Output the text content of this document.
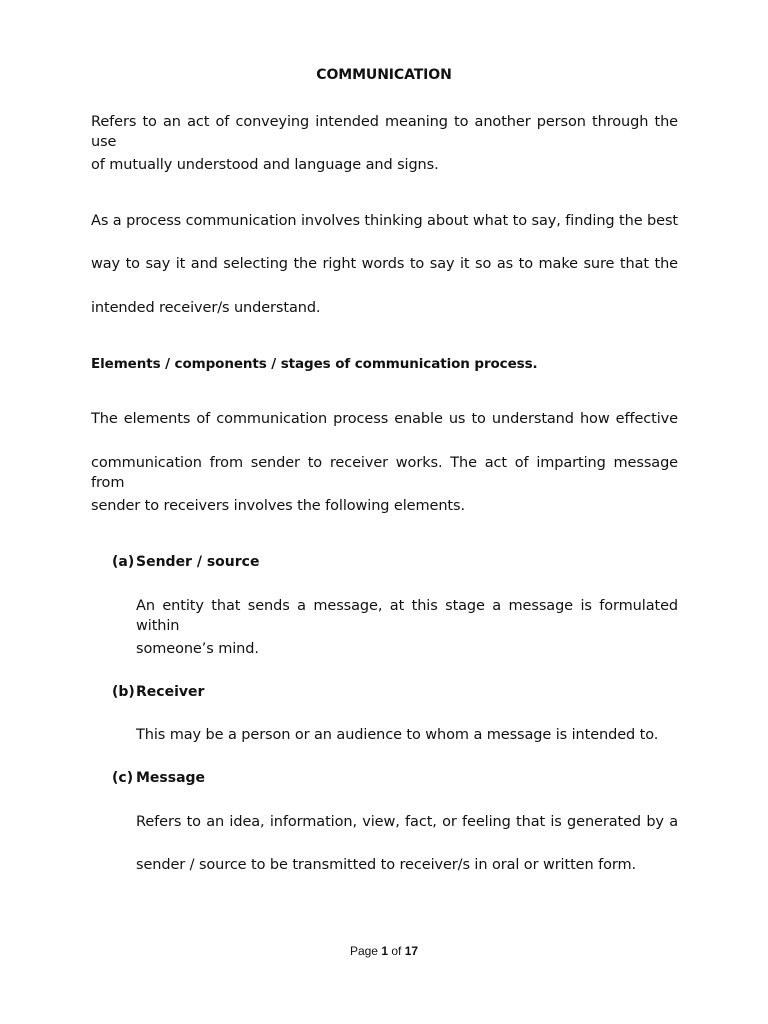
COMMUNICATION
Refers to an act of conveying intended meaning to another person through the use
of mutually understood and language and signs.
As a process communication involves thinking about what to say, finding the best
way to say it and selecting the right words to say it so as to make sure that the
intended receiver/s understand.
Elements / components / stages of communication process.
The elements of communication process enable us to understand how effective
communication from sender to receiver works. The act of imparting message from
sender to receivers involves the following elements.
(a) Sender / source
An entity that sends a message, at this stage a message is formulated within
someone’s mind.
(b)Receiver
This may be a person or an audience to whom a message is intended to.
(c) Message
Refers to an idea, information, view, fact, or feeling that is generated by a
sender / source to be transmitted to receiver/s in oral or written form.
Page 1 of 17
